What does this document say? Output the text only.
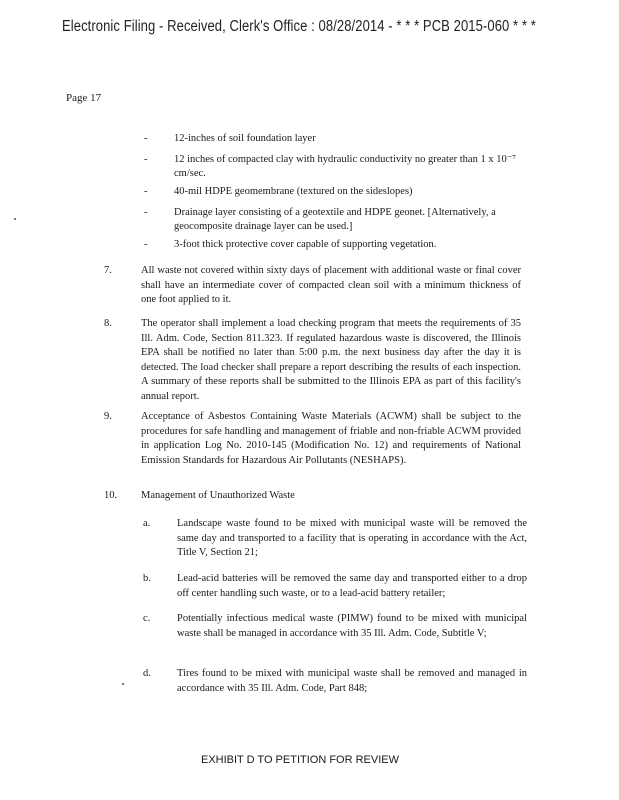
Electronic Filing - Received, Clerk's Office : 08/28/2014 - * * * PCB 2015-060 * * *
Page 17
-	12-inches of soil foundation layer
-	12 inches of compacted clay with hydraulic conductivity no greater than 1 x 10⁻⁷ cm/sec.
-	40-mil HDPE geomembrane (textured on the sideslopes)
-	Drainage layer consisting of a geotextile and HDPE geonet. [Alternatively, a geocomposite drainage layer can be used.]
-	3-foot thick protective cover capable of supporting vegetation.
7.	All waste not covered within sixty days of placement with additional waste or final cover shall have an intermediate cover of compacted clean soil with a minimum thickness of one foot applied to it.
8.	The operator shall implement a load checking program that meets the requirements of 35 Ill. Adm. Code, Section 811.323. If regulated hazardous waste is discovered, the Illinois EPA shall be notified no later than 5:00 p.m. the next business day after the day it is detected. The load checker shall prepare a report describing the results of each inspection. A summary of these reports shall be submitted to the Illinois EPA as part of this facility's annual report.
9.	Acceptance of Asbestos Containing Waste Materials (ACWM) shall be subject to the procedures for safe handling and management of friable and non-friable ACWM provided in application Log No. 2010-145 (Modification No. 12) and requirements of National Emission Standards for Hazardous Air Pollutants (NESHAPS).
10. Management of Unauthorized Waste
a.	Landscape waste found to be mixed with municipal waste will be removed the same day and transported to a facility that is operating in accordance with the Act, Title V, Section 21;
b. Lead-acid batteries will be removed the same day and transported either to a drop off center handling such waste, or to a lead-acid battery retailer;
c.	Potentially infectious medical waste (PIMW) found to be mixed with municipal waste shall be managed in accordance with 35 Ill. Adm. Code, Subtitle V;
d. Tires found to be mixed with municipal waste shall be removed and managed in accordance with 35 Ill. Adm. Code, Part 848;
EXHIBIT D TO PETITION FOR REVIEW
